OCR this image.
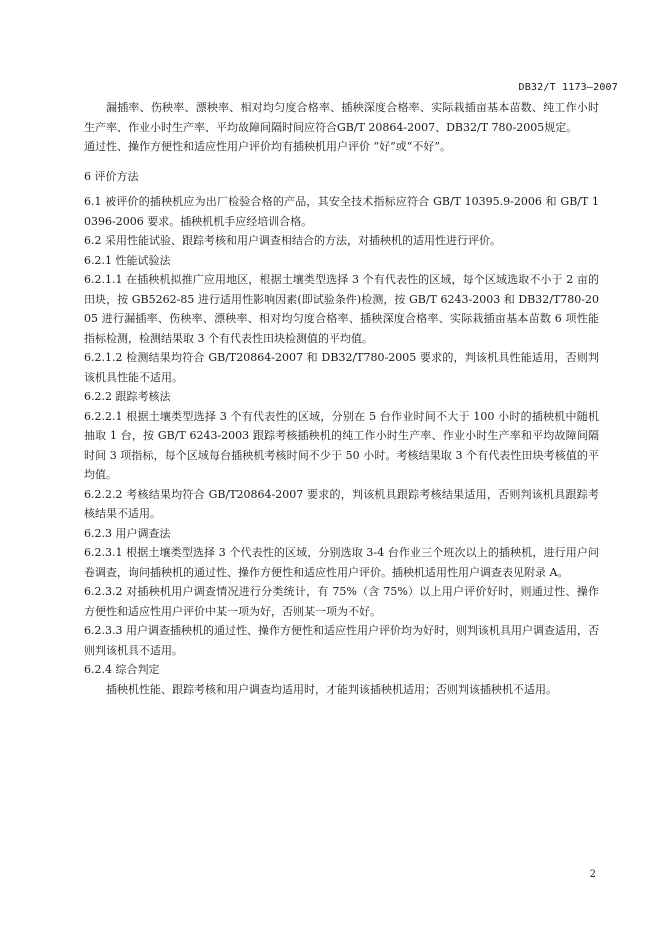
DB32/T 1173—2007

漏插率、伤秧率、漂秧率、相对均匀度合格率、插秧深度合格率、实际栽插亩基本苗数、纯工作小时生产率、作业小时生产率、平均故障间隔时间应符合GB/T 20864-2007、DB32/T 780-2005规定。

通过性、操作方便性和适应性用户评价均有插秧机用户评价 “好”或“不好”。

6 评价方法

6.1 被评价的插秧机应为出厂检验合格的产品，其安全技术指标应符合 GB/T 10395.9-2006 和 GB/T 10396-2006 要求。插秧机机手应经培训合格。

6.2 采用性能试验、跟踪考核和用户调查相结合的方法，对插秧机的适用性进行评价。

6.2.1 性能试验法

6.2.1.1 在插秧机拟推广应用地区，根据土壤类型选择 3 个有代表性的区域，每个区域选取不小于 2 亩的田块，按 GB5262-85 进行适用性影响因素(即试验条件)检测，按 GB/T 6243-2003 和 DB32/T780-2005 进行漏插率、伤秧率、漂秧率、相对均匀度合格率、插秧深度合格率、实际栽插亩基本苗数 6 项性能指标检测，检测结果取 3 个有代表性田块检测值的平均值。

6.2.1.2 检测结果均符合 GB/T20864-2007 和 DB32/T780-2005 要求的，判该机具性能适用，否则判该机具性能不适用。

6.2.2 跟踪考核法

6.2.2.1 根据土壤类型选择 3 个有代表性的区域，分别在 5 台作业时间不大于 100 小时的插秧机中随机抽取 1 台，按 GB/T 6243-2003 跟踪考核插秧机的纯工作小时生产率、作业小时生产率和平均故障间隔时间 3 项指标，每个区域每台插秧机考核时间不少于 50 小时。考核结果取 3 个有代表性田块考核值的平均值。

6.2.2.2 考核结果均符合 GB/T20864-2007 要求的，判该机具跟踪考核结果适用，否则判该机具跟踪考核结果不适用。

6.2.3 用户调查法

6.2.3.1 根据土壤类型选择 3 个代表性的区域，分别选取 3-4 台作业三个班次以上的插秧机，进行用户问卷调查，询问插秧机的通过性、操作方便性和适应性用户评价。插秧机适用性用户调查表见附录 A。

6.2.3.2 对插秧机用户调查情况进行分类统计，有 75%（含 75%）以上用户评价好时，则通过性、操作方便性和适应性用户评价中某一项为好，否则某一项为不好。

6.2.3.3 用户调查插秧机的通过性、操作方便性和适应性用户评价均为好时，则判该机具用户调查适用，否则判该机具不适用。

6.2.4 综合判定

插秧机性能、跟踪考核和用户调查均适用时，才能判该插秧机适用；否则判该插秧机不适用。

2
